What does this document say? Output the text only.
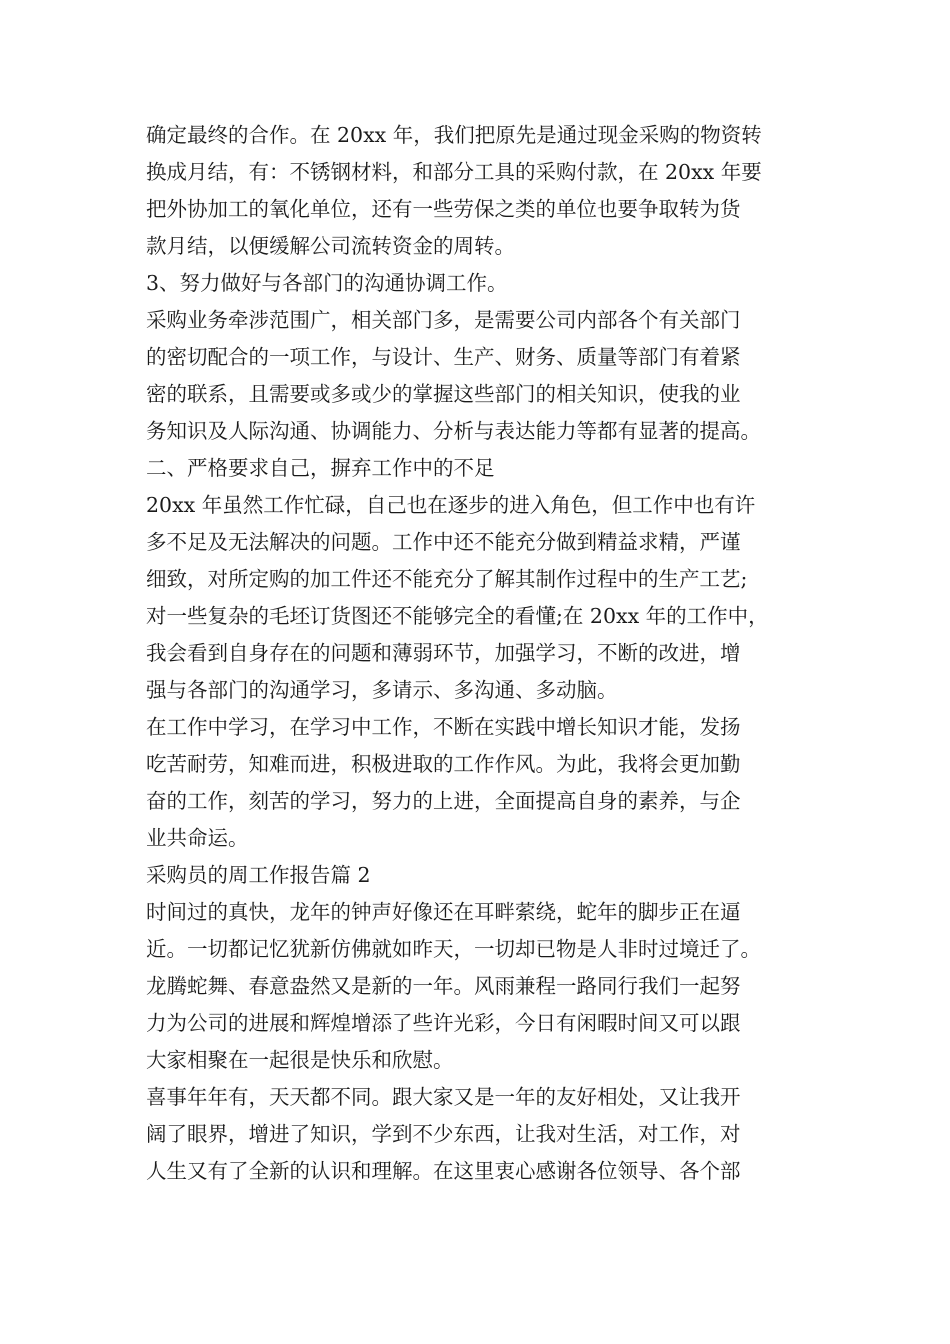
确定最终的合作。在 20xx 年，我们把原先是通过现金采购的物资转
换成月结，有：不锈钢材料，和部分工具的采购付款，在 20xx 年要
把外协加工的氧化单位，还有一些劳保之类的单位也要争取转为货
款月结，以便缓解公司流转资金的周转。
3、努力做好与各部门的沟通协调工作。
采购业务牵涉范围广，相关部门多，是需要公司内部各个有关部门
的密切配合的一项工作，与设计、生产、财务、质量等部门有着紧
密的联系，且需要或多或少的掌握这些部门的相关知识，使我的业
务知识及人际沟通、协调能力、分析与表达能力等都有显著的提高。
二、严格要求自己，摒弃工作中的不足
20xx 年虽然工作忙碌，自己也在逐步的进入角色，但工作中也有许
多不足及无法解决的问题。工作中还不能充分做到精益求精，严谨
细致，对所定购的加工件还不能充分了解其制作过程中的生产工艺;
对一些复杂的毛坯订货图还不能够完全的看懂;在 20xx 年的工作中，
我会看到自身存在的问题和薄弱环节，加强学习，不断的改进，增
强与各部门的沟通学习，多请示、多沟通、多动脑。
在工作中学习，在学习中工作，不断在实践中增长知识才能，发扬
吃苦耐劳，知难而进，积极进取的工作作风。为此，我将会更加勤
奋的工作，刻苦的学习，努力的上进，全面提高自身的素养，与企
业共命运。
采购员的周工作报告篇 2
时间过的真快，龙年的钟声好像还在耳畔萦绕，蛇年的脚步正在逼
近。一切都记忆犹新仿佛就如昨天，一切却已物是人非时过境迁了。
龙腾蛇舞、春意盎然又是新的一年。风雨兼程一路同行我们一起努
力为公司的进展和辉煌增添了些许光彩，今日有闲暇时间又可以跟
大家相聚在一起很是快乐和欣慰。
喜事年年有，天天都不同。跟大家又是一年的友好相处，又让我开
阔了眼界，增进了知识，学到不少东西，让我对生活，对工作，对
人生又有了全新的认识和理解。在这里衷心感谢各位领导、各个部
